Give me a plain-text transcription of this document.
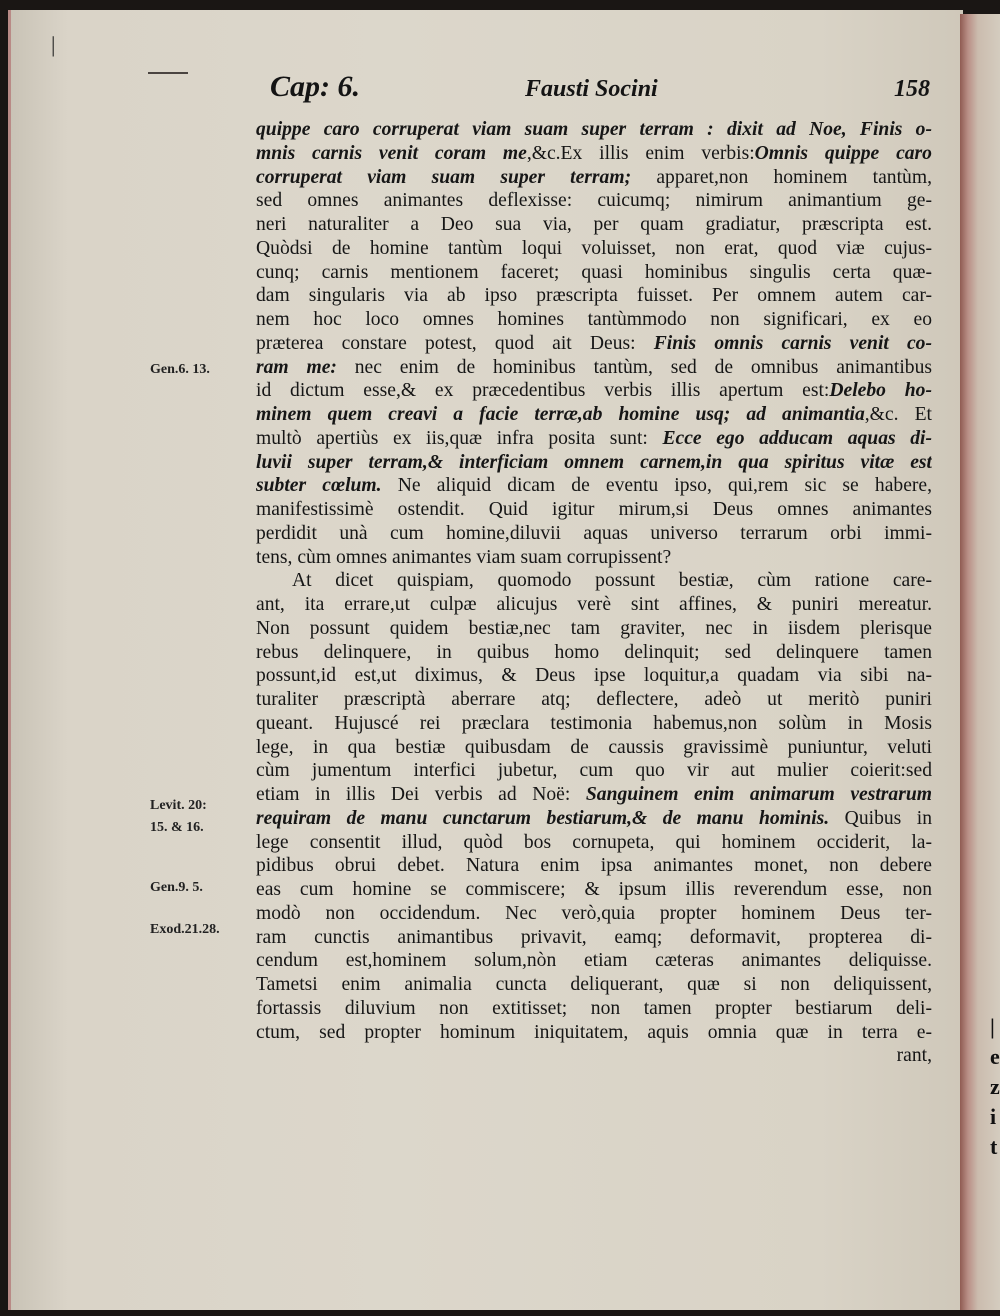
|
|
e
z
i
t
Cap: 6.	Fausti Socini	158
Gen.6. 13.
Levit. 20:
15. & 16.
Gen.9. 5.
Exod.21.28.
quippe caro corruperat viam suam super terram : dixit ad Noe, Finis o-
mnis carnis venit coram me,&c.Ex illis enim verbis:Omnis quippe caro
corruperat viam suam super terram; apparet,non hominem tantùm,
sed omnes animantes deflexisse: cuicumq; nimirum animantium ge-
neri naturaliter a Deo sua via, per quam gradiatur, præscripta est.
Quòdsi de homine tantùm loqui voluisset, non erat, quod viæ cujus-
cunq; carnis mentionem faceret; quasi hominibus singulis certa quæ-
dam singularis via ab ipso præscripta fuisset. Per omnem autem car-
nem hoc loco omnes homines tantùmmodo non significari, ex eo
præterea constare potest, quod ait Deus: Finis omnis carnis venit co-
ram me: nec enim de hominibus tantùm, sed de omnibus animantibus
id dictum esse,& ex præcedentibus verbis illis apertum est:Delebo ho-
minem quem creavi a facie terræ,ab homine usq; ad animantia,&c. Et
multò apertiùs ex iis,quæ infra posita sunt: Ecce ego adducam aquas di-
luvii super terram,& interficiam omnem carnem,in qua spiritus vitæ est
subter cœlum. Ne aliquid dicam de eventu ipso, qui,rem sic se habere,
manifestissimè ostendit. Quid igitur mirum,si Deus omnes animantes
perdidit unà cum homine,diluvii aquas universo terrarum orbi immi-
tens, cùm omnes animantes viam suam corrupissent?
At dicet quispiam, quomodo possunt bestiæ, cùm ratione care-
ant, ita errare,ut culpæ alicujus verè sint affines, & puniri mereatur.
Non possunt quidem bestiæ,nec tam graviter, nec in iisdem plerisque
rebus delinquere, in quibus homo delinquit; sed delinquere tamen
possunt,id est,ut diximus, & Deus ipse loquitur,a quadam via sibi na-
turaliter præscriptà aberrare atq; deflectere, adeò ut meritò puniri
queant. Hujuscé rei præclara testimonia habemus,non solùm in Mosis
lege, in qua bestiæ quibusdam de caussis gravissimè puniuntur, veluti
cùm jumentum interfici jubetur, cum quo vir aut mulier coierit:sed
etiam in illis Dei verbis ad Noë: Sanguinem enim animarum vestrarum
requiram de manu cunctarum bestiarum,& de manu hominis. Quibus in
lege consentit illud, quòd bos cornupeta, qui hominem occiderit, la-
pidibus obrui debet. Natura enim ipsa animantes monet, non debere
eas cum homine se commiscere; & ipsum illis reverendum esse, non
modò non occidendum. Nec verò,quia propter hominem Deus ter-
ram cunctis animantibus privavit, eamq; deformavit, propterea di-
cendum est,hominem solum,nòn etiam cæteras animantes deliquisse.
Tametsi enim animalia cuncta deliquerant, quæ si non deliquissent,
fortassis diluvium non extitisset; non tamen propter bestiarum deli-
ctum, sed propter hominum iniquitatem, aquis omnia quæ in terra e-
rant,
